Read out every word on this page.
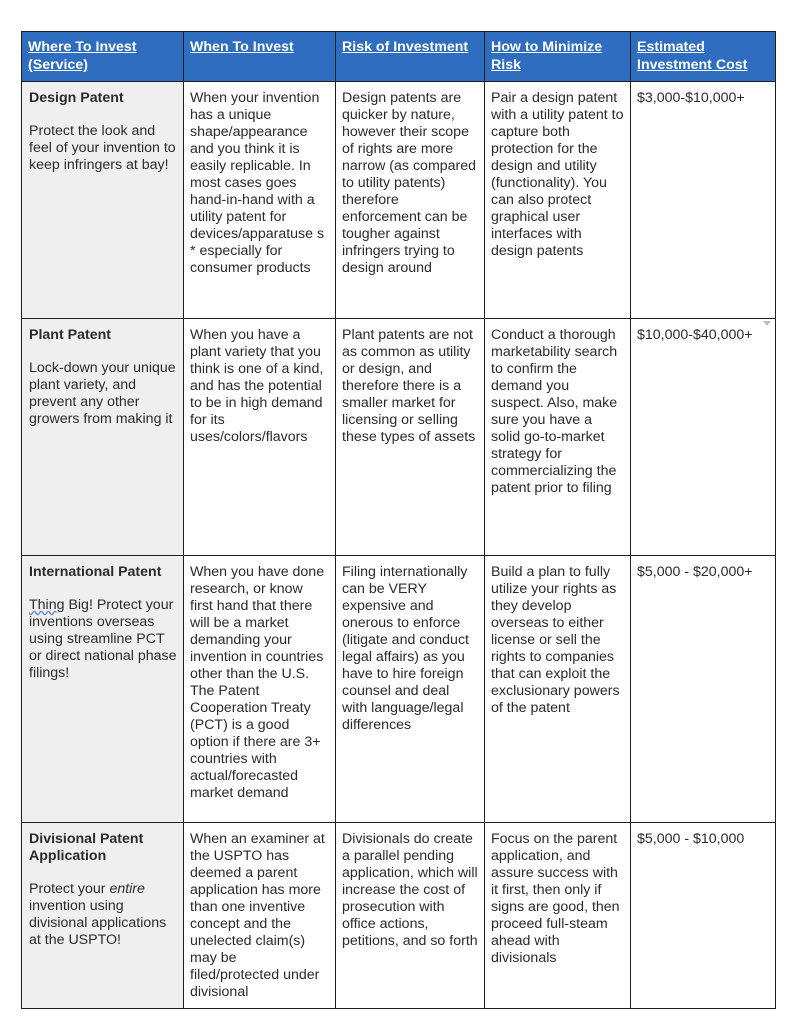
Where To Invest (Service)	When To Invest	Risk of Investment	How to Minimize Risk	Estimated Investment Cost

Design Patent
Protect the look and feel of your invention to keep infringers at bay!	When your invention has a unique shape/appearance and you think it is easily replicable. In most cases goes hand-in-hand with a utility patent for devices/apparatuse s * especially for consumer products	Design patents are quicker by nature, however their scope of rights are more narrow (as compared to utility patents) therefore enforcement can be tougher against infringers trying to design around	Pair a design patent with a utility patent to capture both protection for the design and utility (functionality). You can also protect graphical user interfaces with design patents	$3,000-$10,000+

Plant Patent
Lock-down your unique plant variety, and prevent any other growers from making it	When you have a plant variety that you think is one of a kind, and has the potential to be in high demand for its uses/colors/flavors	Plant patents are not as common as utility or design, and therefore there is a smaller market for licensing or selling these types of assets	Conduct a thorough marketability search to confirm the demand you suspect. Also, make sure you have a solid go-to-market strategy for commercializing the patent prior to filing	$10,000-$40,000+

International Patent
Thing Big! Protect your inventions overseas using streamline PCT or direct national phase filings!	When you have done research, or know first hand that there will be a market demanding your invention in countries other than the U.S. The Patent Cooperation Treaty (PCT) is a good option if there are 3+ countries with actual/forecasted market demand	Filing internationally can be VERY expensive and onerous to enforce (litigate and conduct legal affairs) as you have to hire foreign counsel and deal with language/legal differences	Build a plan to fully utilize your rights as they develop overseas to either license or sell the rights to companies that can exploit the exclusionary powers of the patent	$5,000 - $20,000+

Divisional Patent Application
Protect your entire invention using divisional applications at the USPTO!	When an examiner at the USPTO has deemed a parent application has more than one inventive concept and the unelected claim(s) may be filed/protected under divisional	Divisionals do create a parallel pending application, which will increase the cost of prosecution with office actions, petitions, and so forth	Focus on the parent application, and assure success with it first, then only if signs are good, then proceed full-steam ahead with divisionals	$5,000 - $10,000
